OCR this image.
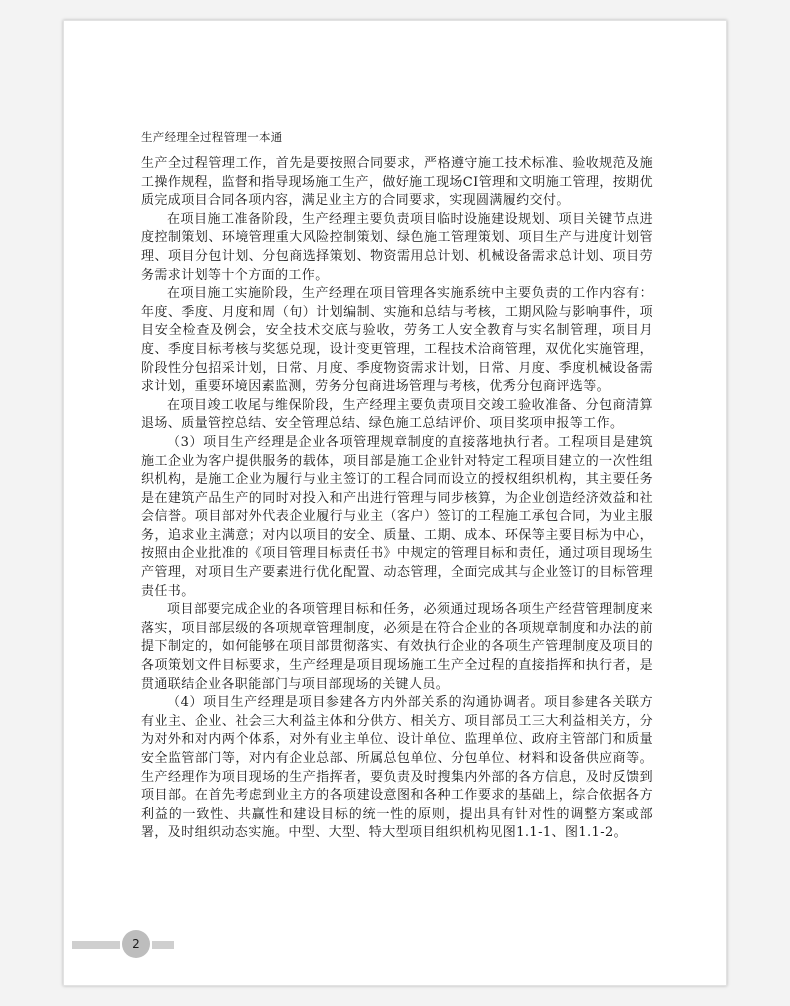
生产经理全过程管理一本通

生产全过程管理工作，首先是要按照合同要求，严格遵守施工技术标准、验收规范及施工操作规程，监督和指导现场施工生产，做好施工现场CI管理和文明施工管理，按期优质完成项目合同各项内容，满足业主方的合同要求，实现圆满履约交付。

在项目施工准备阶段，生产经理主要负责项目临时设施建设规划、项目关键节点进度控制策划、环境管理重大风险控制策划、绿色施工管理策划、项目生产与进度计划管理、项目分包计划、分包商选择策划、物资需用总计划、机械设备需求总计划、项目劳务需求计划等十个方面的工作。

在项目施工实施阶段，生产经理在项目管理各实施系统中主要负责的工作内容有：年度、季度、月度和周（旬）计划编制、实施和总结与考核，工期风险与影响事件，项目安全检查及例会，安全技术交底与验收，劳务工人安全教育与实名制管理，项目月度、季度目标考核与奖惩兑现，设计变更管理，工程技术洽商管理，双优化实施管理，阶段性分包招采计划，日常、月度、季度物资需求计划，日常、月度、季度机械设备需求计划，重要环境因素监测，劳务分包商进场管理与考核，优秀分包商评选等。

在项目竣工收尾与维保阶段，生产经理主要负责项目交竣工验收准备、分包商清算退场、质量管控总结、安全管理总结、绿色施工总结评价、项目奖项申报等工作。

（3）项目生产经理是企业各项管理规章制度的直接落地执行者。工程项目是建筑施工企业为客户提供服务的载体，项目部是施工企业针对特定工程项目建立的一次性组织机构，是施工企业为履行与业主签订的工程合同而设立的授权组织机构，其主要任务是在建筑产品生产的同时对投入和产出进行管理与同步核算，为企业创造经济效益和社会信誉。项目部对外代表企业履行与业主（客户）签订的工程施工承包合同，为业主服务，追求业主满意；对内以项目的安全、质量、工期、成本、环保等主要目标为中心，按照由企业批准的《项目管理目标责任书》中规定的管理目标和责任，通过项目现场生产管理，对项目生产要素进行优化配置、动态管理，全面完成其与企业签订的目标管理责任书。

项目部要完成企业的各项管理目标和任务，必须通过现场各项生产经营管理制度来落实，项目部层级的各项规章管理制度，必须是在符合企业的各项规章制度和办法的前提下制定的，如何能够在项目部贯彻落实、有效执行企业的各项生产管理制度及项目的各项策划文件目标要求，生产经理是项目现场施工生产全过程的直接指挥和执行者，是贯通联结企业各职能部门与项目部现场的关键人员。

（4）项目生产经理是项目参建各方内外部关系的沟通协调者。项目参建各关联方有业主、企业、社会三大利益主体和分供方、相关方、项目部员工三大利益相关方，分为对外和对内两个体系，对外有业主单位、设计单位、监理单位、政府主管部门和质量安全监管部门等，对内有企业总部、所属总包单位、分包单位、材料和设备供应商等。生产经理作为项目现场的生产指挥者，要负责及时搜集内外部的各方信息，及时反馈到项目部。在首先考虑到业主方的各项建设意图和各种工作要求的基础上，综合依据各方利益的一致性、共赢性和建设目标的统一性的原则，提出具有针对性的调整方案或部署，及时组织动态实施。中型、大型、特大型项目组织机构见图1.1-1、图1.1-2。

2
